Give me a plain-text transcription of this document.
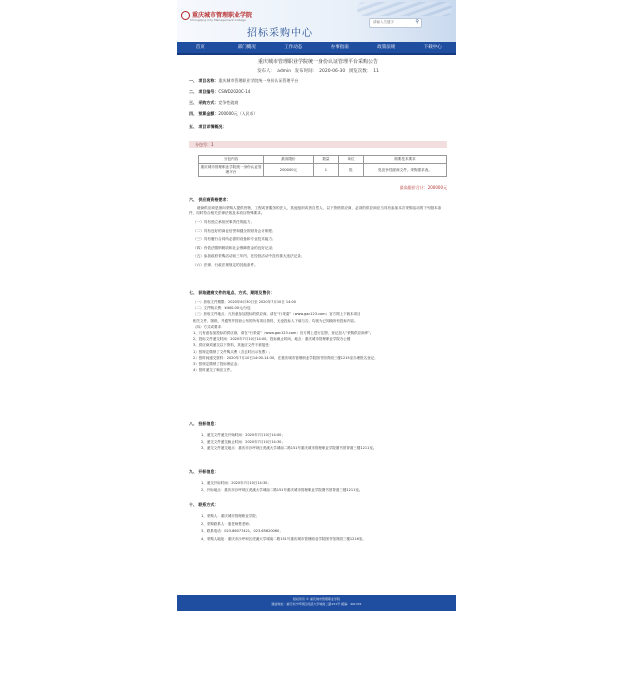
重庆城市管理职业学院
Chongqing City Management College
招标采购中心
请输入关键字
⚲
首页	部门概况	工作动态	办事指南	政策法规	下载中心
重庆城市管理职业学院统一身份认证管理平台采购公告
发布人： admin 发布时间： 2020-06-30 浏览次数： 11
一、 项目名称：重庆城市管理职业学院统一身份认证管理平台
二、 项目编号：CSWD2020C-14
三、 采购方式：竞争性磋商
四、 预算金额：200000元（人民币）
五、 项目详情概况：
分包号：1
分包内容	最高限价	数量	单位	简要技术要求
重庆城市管理职业学院统一身份认证管理平台	200000元	1	批	见竞争性磋商文件，采购需求表。
最高限价合计：200000元
六、 供应商资格要求：
磋商供应商是指向采购人提供货物、工程或者服务的法人、其他组织或者自然人，以下资格供应商，必须的供应商应当具有参加本次采购活动的下列基本条件，同时符合相关法律法规及本项目特殊要求。
（一）具有独立承担民事责任的能力；
（二）具有良好的商业信誉和健全的财务会计制度；
（三）具有履行合同所必需的设备和专业技术能力；
（四）有依法缴纳税收和社会保障资金的良好记录；
（五）参加政府采购活动前三年内，在经营活动中没有重大违法记录；
（六）法律、行政法规规定的其他条件。
七、 获取磋商文件的地点、方式、期限及售价：
（一）获取文件期限：2020年6月30日至 2020年7月10日 14:00
（二）文件购买费：¥400.00元/分包
（三）获取文件地点：凡有意参加投标的供应商，请在“行采索”（www.gac123.com）官方网上下载本项目
相关文件、图纸、并通等并按前公布的所有项目资料，无论投标人下载与否，均视为已知晓所有投标内容。
（四）方式或要求：
1、凡有意参加投标的供应商，请在“行采索”（www.gac123.com）官方网上进行注册，登记加入“采购供应商库”。
2、投标文件递交时间：2020年7月10日14:00，投标截止时间，地点：重庆城市管理职业学院办公楼
3、供应商须递交以下资料，其他应文件不被接受：
1）按规定缴纳了文件购买费（含去时出示发票）；
2）按时间递交资料：2020年7月10日14:00-14:30，在重庆城市管理职业学院图书馆背面三楼1215室办理报名登记；
3）按规定缴纳了投标保证金；
4）按时递交了响应文件。
八、 投标信息：
1、递交文件递交开始时间：2020年7月10日14:00；
2、递交文件递交截止时间：2020年7月10日14:30；
3、递交文件递交地点：重庆市沙坪坝区虎溪大学城南二路151号重庆城市管理职业学院图书馆背面三楼1211室。
九、 开标信息：
1、递交开标时间：2020年7月10日14:30；
2、开标地点：重庆市沙坪坝区虎溪大学城南二路151号重庆城市管理职业学院图书馆背面三楼1211室。
十、 联系方式：
1、采购人：重庆城市管理职业学院；
2、采购联系人：逢老师楚老师；
3、联系电话：023-86077421、023-65620060；
4、采购人地址：重庆市沙坪坝区虎溪大学城南二路151号重庆城市管理职业学院图书馆背面三楼1216室。
版权所有 © 重庆城市管理职业学院
通信地址：重庆市沙坪坝区虎溪大学城南二路151号 邮编：401331
